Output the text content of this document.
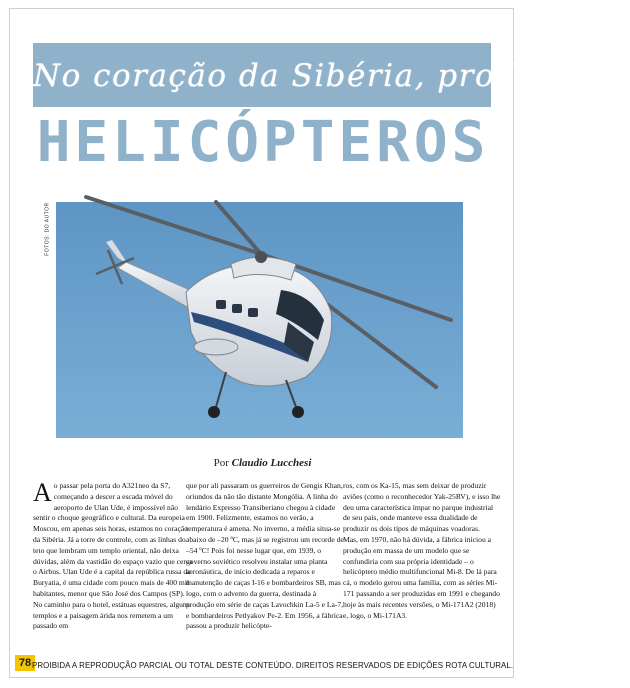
No coração da Sibéria, produzindo
HELICÓPTEROS
FOTOS: DO AUTOR
Por Claudio Lucchesi

Ao passar pela porta do A321neo da S7, começando a descer a escada móvel do aeroporto de Ulan Ude, é impossível não sentir o choque geográfico e cultural. Da europeia Moscou, em apenas seis horas, estamos no coração da Sibéria. Já a torre de controle, com as linhas do teto que lembram um templo oriental, não deixa dúvidas, além da vastidão do espaço vazio que cerca o Airbus. Ulan Ude é a capital da república russa da Buryatia, é uma cidade com pouco mais de 400 mil habitantes, menor que São José dos Campos (SP). No caminho para o hotel, estátuas equestres, alguns templos e a paisagem árida nos remetem a um passado em

que por ali passaram os guerreiros de Gengis Khan, oriundos da não tão distante Mongólia. A linha do lendário Expresso Transiberiano chegou à cidade em 1900. Felizmente, estamos no verão, a temperatura é amena. No inverno, a média situa-se abaixo de –20 ºC, mas já se registrou um recorde de –54 ºC! Pois foi nesse lugar que, em 1939, o governo soviético resolveu instalar uma planta aeronáutica, de início dedicada a reparos e manutenção de caças I-16 e bombardeiros SB, mas logo, com o advento da guerra, destinada à produção em série de caças Lavochkin La-5 e La-7, e bombardeiros Petlyakov Pe-2. Em 1956, a fábrica passou a produzir helicópte-

ros, com os Ka-15, mas sem deixar de produzir aviões (como o reconhecedor Yak-25RV), e isso lhe deu uma característica ímpar no parque industrial de seu país, onde manteve essa dualidade de produzir os dois tipos de máquinas voadoras.

Mas, em 1970, não há dúvida, a fábrica iniciou a produção em massa de um modelo que se confundiria com sua própria identidade – o helicóptero médio multifuncional Mi-8. De lá para cá, o modelo gerou uma família, com as séries Mi-171 passando a ser produzidas em 1991 e chegando hoje às mais recentes versões, o Mi-171A2 (2018) e, logo, o Mi-171A3.

78 PROIBIDA A REPRODUÇÃO PARCIAL OU TOTAL DESTE CONTEÚDO. DIREITOS RESERVADOS DE EDIÇÕES ROTA CULTURAL.
